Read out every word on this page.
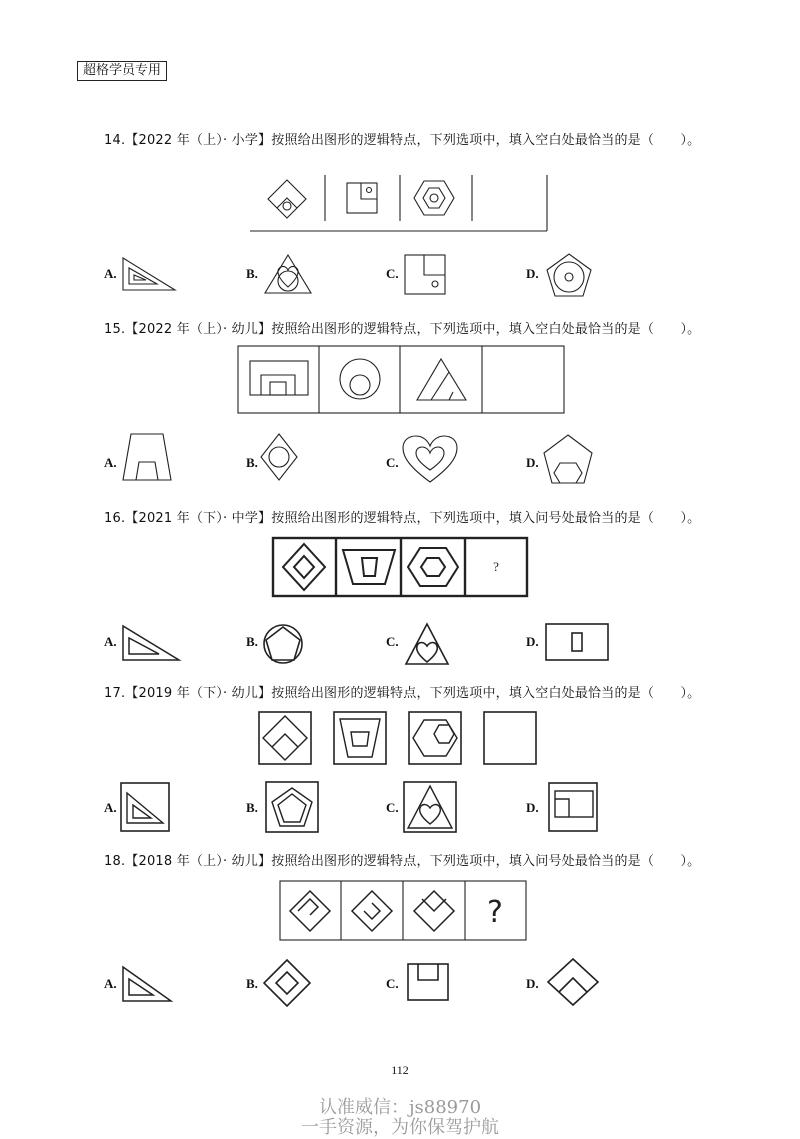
超格学员专用
14.【2022 年（上）· 小学】按照给出图形的逻辑特点，下列选项中，填入空白处最恰当的是（　　）。
A.	B.	C.	D.
15.【2022 年（上）· 幼儿】按照给出图形的逻辑特点，下列选项中，填入空白处最恰当的是（　　）。
A.	B.	C.	D.
16.【2021 年（下）· 中学】按照给出图形的逻辑特点，下列选项中，填入问号处最恰当的是（　　）。
?
A.	B.	C.	D.
17.【2019 年（下）· 幼儿】按照给出图形的逻辑特点，下列选项中，填入空白处最恰当的是（　　）。
A.	B.	C.	D.
18.【2018 年（上）· 幼儿】按照给出图形的逻辑特点，下列选项中，填入问号处最恰当的是（　　）。
?
A.	B.	C.	D.
112
认准威信：js88970
一手资源，为你保驾护航
